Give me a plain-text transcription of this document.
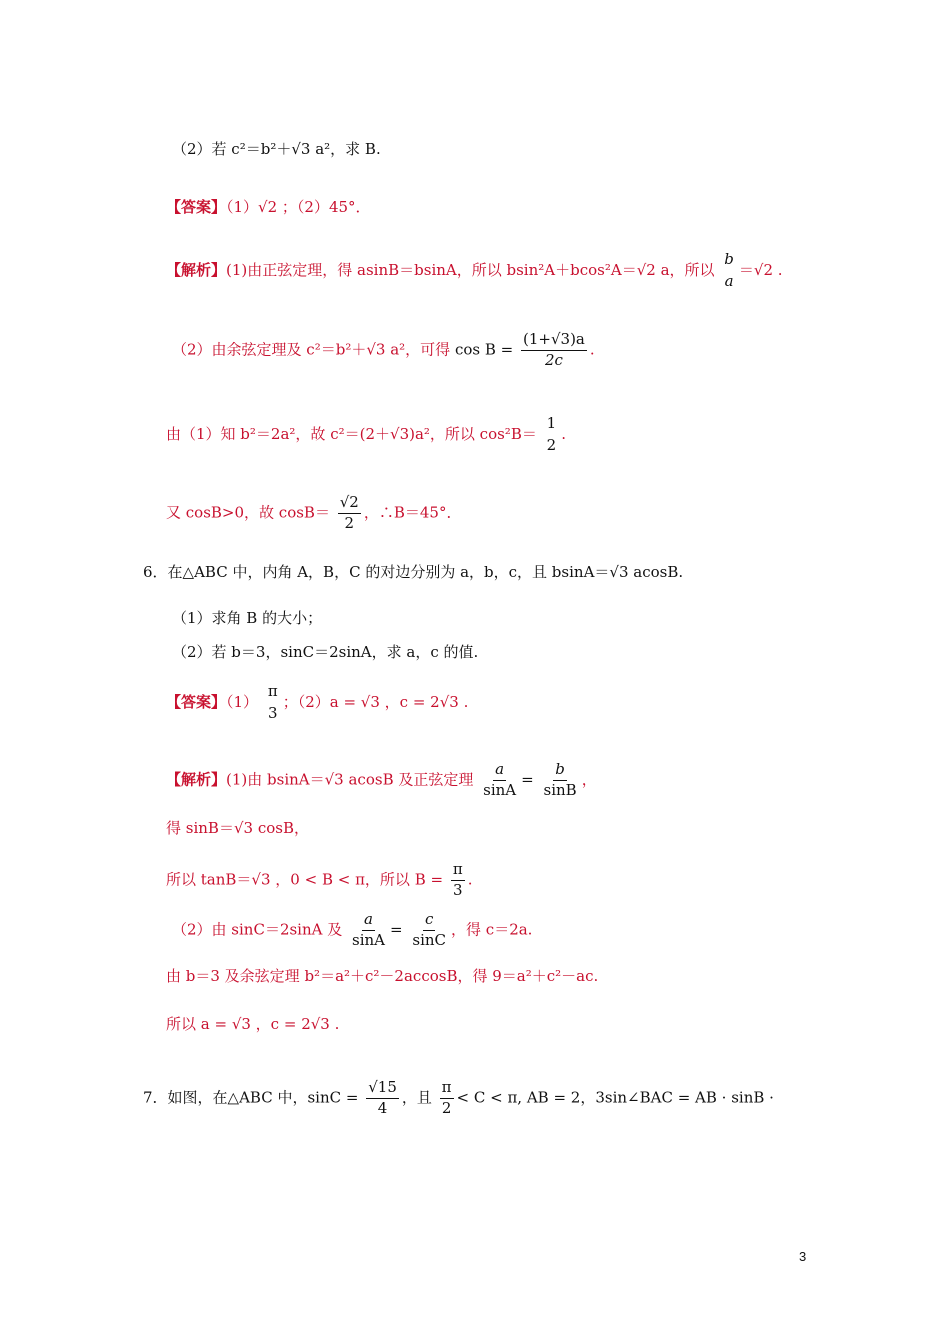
（2）若 c²＝b²＋√3 a²，求 B.
【答案】（1）√2 ；（2）45°．
【解析】(1)由正弦定理，得 asinB＝bsinA，所以 bsin²A＋bcos²A＝√2 a，所以
b
a
＝√2 .
（2）由余弦定理及 c²＝b²＋√3 a²，可得 $\cos B = \frac{(1+√3)a}{2c}$ .
由（1）知 b²＝2a²，故 c²＝(2＋√3)a²，所以 cos²B＝
1
2
.
又 cosB>0，故 $\cos B= \frac{√2}{2}$ ，∴B＝45°．
6．在△ABC 中，内角 A，B，C 的对边分别为 a，b，c，且 bsinA＝√3 acosB.
（1）求角 B 的大小；
（2）若 b＝3，sinC＝2sinA，求 a，c 的值.
【答案】（1）
π
3
；（2）a = √3 ，c = 2√3 .
【解析】(1)由 bsinA＝√3 acosB 及正弦定理 $\frac{a}{\sin A} = \frac{b}{\sin B}$ ，
得 sinB＝√3 cosB，
所以 tanB＝√3 ，0 < B < π，所以 $B = \frac{\pi}{3}$ .
（2）由 sinC＝2sinA 及 $\frac{a}{\sin A} = \frac{c}{\sin C}$ ，得 c＝2a.
由 b＝3 及余弦定理 b²＝a²＋c²－2accosB，得 9＝a²＋c²－ac.
所以 a = √3 ，c = 2√3 .
7．如图，在△ABC 中，$\sin C = \frac{√15}{4}$ ，且 $\frac{\pi}{2} < C < \pi$, AB = 2，3sin∠BAC = AB · sinB ·
3
